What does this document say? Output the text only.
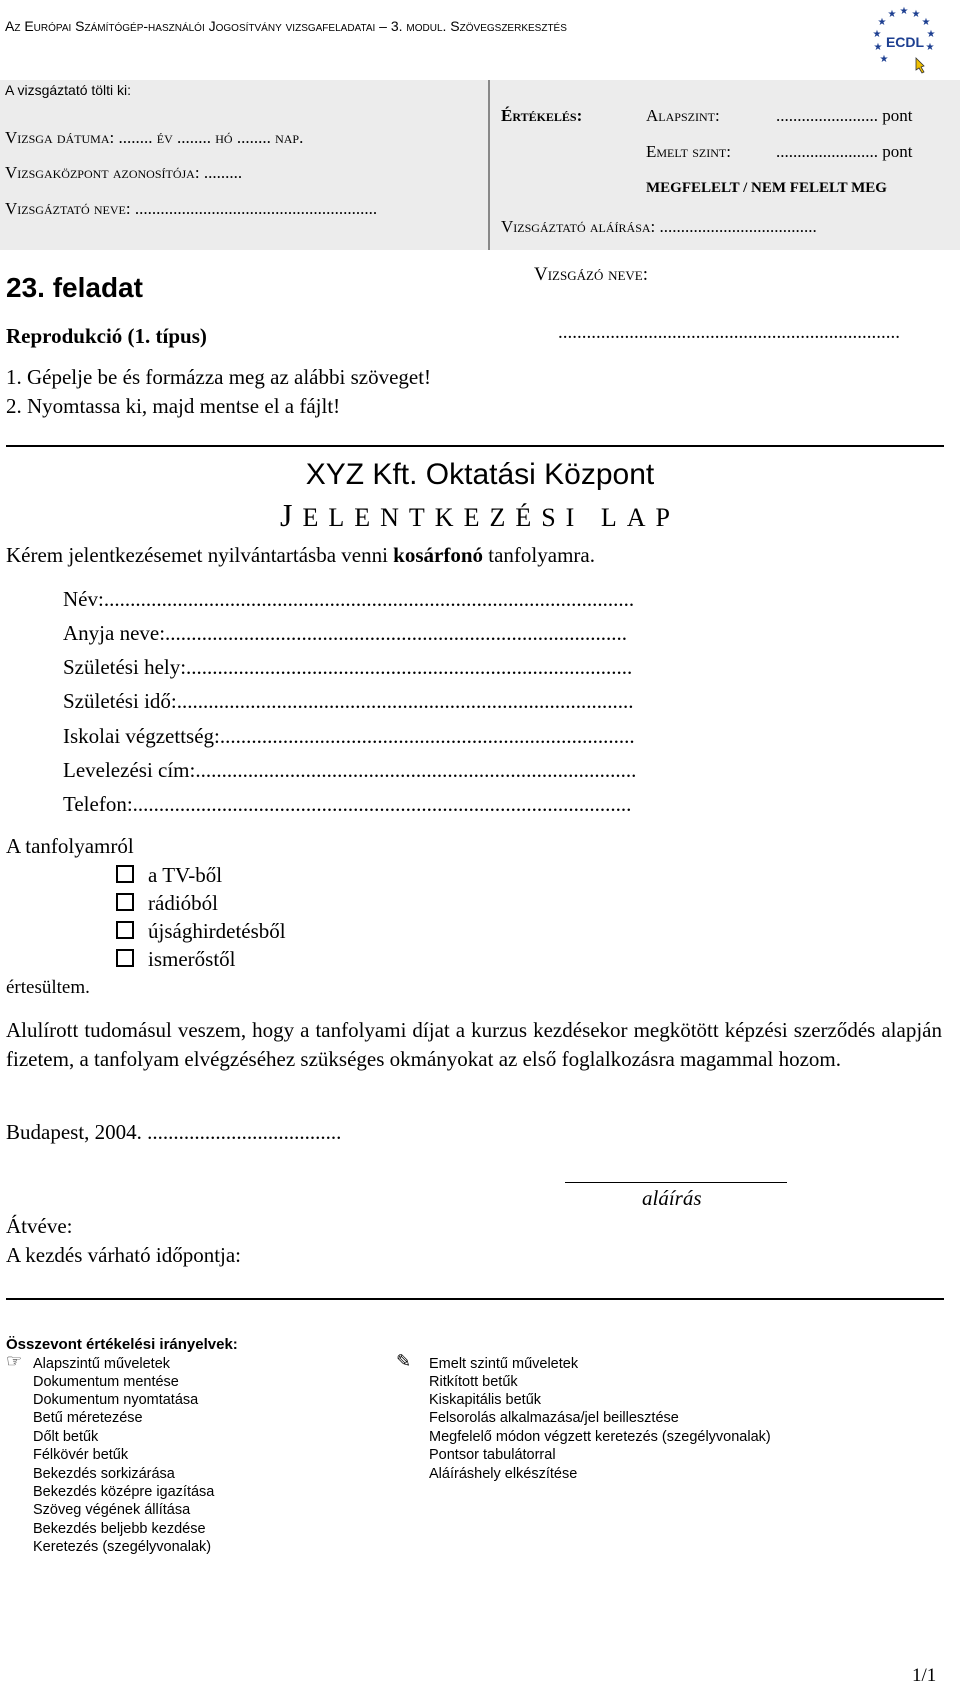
Az Európai Számítógép-használói Jogosítvány vizsgafeladatai – 3. modul. Szövegszerkesztés
★
★ ★
★	★
★	★
★	★
★
ECDL
A vizsgáztató tölti ki:
Vizsga dátuma: ........ év ........ hó ........ nap.
Vizsgaközpont azonosítója: .........
Vizsgáztató neve: .........................................................
Értékelés:	Alapszint:	........................ pont
Emelt szint:	........................ pont
MEGFELELT / NEM FELELT MEG
Vizsgáztató aláírása: .....................................
23. feladat
Reprodukció (1. típus)
1. Gépelje be és formázza meg az alábbi szöveget!
2. Nyomtassa ki, majd mentse el a fájlt!
Vizsgázó neve:
........................................................................
XYZ Kft. Oktatási Központ
JELENTKEZÉSI LAP
Kérem jelentkezésemet nyilvántartásba venni kosárfonó tanfolyamra.
Név:.....................................................................................................
Anyja neve:........................................................................................
Születési hely:.....................................................................................
Születési idő:.......................................................................................
Iskolai végzettség:...............................................................................
Levelezési cím:....................................................................................
Telefon:...............................................................................................
A tanfolyamról
a TV-ből
rádióból
újsághirdetésből
ismerőstől
értesültem.
Alulírott tudomásul veszem, hogy a tanfolyami díjat a kurzus kezdésekor megkötött képzési szerződés alapján fizetem, a tanfolyam elvégzéséhez szükséges okmányokat az első foglalkozásra magammal hozom.
Budapest, 2004. .....................................
aláírás
Átvéve:
A kezdés várható időpontja:
Összevont értékelési irányelvek:
☞	✎
Alapszintű műveletek
Dokumentum mentése
Dokumentum nyomtatása
Betű méretezése
Dőlt betűk
Félkövér betűk
Bekezdés sorkizárása
Bekezdés középre igazítása
Szöveg végének állítása
Bekezdés beljebb kezdése
Keretezés (szegélyvonalak)
Emelt szintű műveletek
Ritkított betűk
Kiskapitális betűk
Felsorolás alkalmazása/jel beillesztése
Megfelelő módon végzett keretezés (szegélyvonalak)
Pontsor tabulátorral
Aláíráshely elkészítése
1/1
